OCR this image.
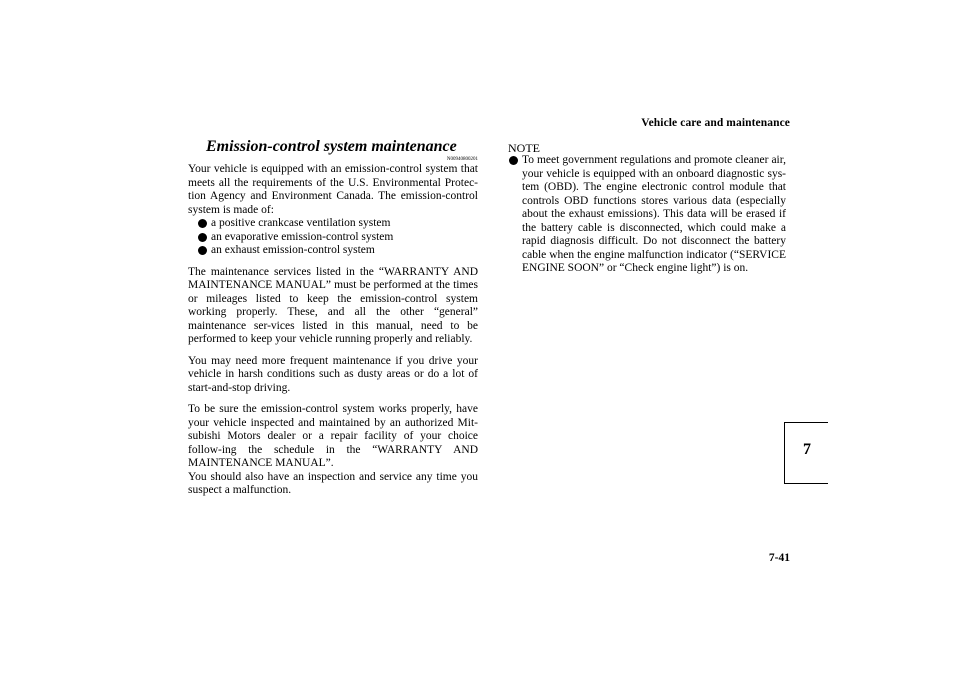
Vehicle care and maintenance
7
7-41
Emission-control system maintenance
N00940800201
Your vehicle is equipped with an emission-control system that meets all the requirements of the U.S. Environmental Protec-tion Agency and Environment Canada. The emission-control system is made of:
a positive crankcase ventilation system
an evaporative emission-control system
an exhaust emission-control system
The maintenance services listed in the “WARRANTY AND MAINTENANCE MANUAL” must be performed at the times or mileages listed to keep the emission-control system working properly. These, and all the other “general” maintenance ser-vices listed in this manual, need to be performed to keep your vehicle running properly and reliably.
You may need more frequent maintenance if you drive your vehicle in harsh conditions such as dusty areas or do a lot of start-and-stop driving.
To be sure the emission-control system works properly, have your vehicle inspected and maintained by an authorized Mit-subishi Motors dealer or a repair facility of your choice follow-ing the schedule in the “WARRANTY AND MAINTENANCE MANUAL”.
You should also have an inspection and service any time you suspect a malfunction.
NOTE
To meet government regulations and promote cleaner air, your vehicle is equipped with an onboard diagnostic sys-tem (OBD). The engine electronic control module that controls OBD functions stores various data (especially about the exhaust emissions). This data will be erased if the battery cable is disconnected, which could make a rapid diagnosis difficult. Do not disconnect the battery cable when the engine malfunction indicator (“SERVICE ENGINE SOON” or “Check engine light”) is on.
